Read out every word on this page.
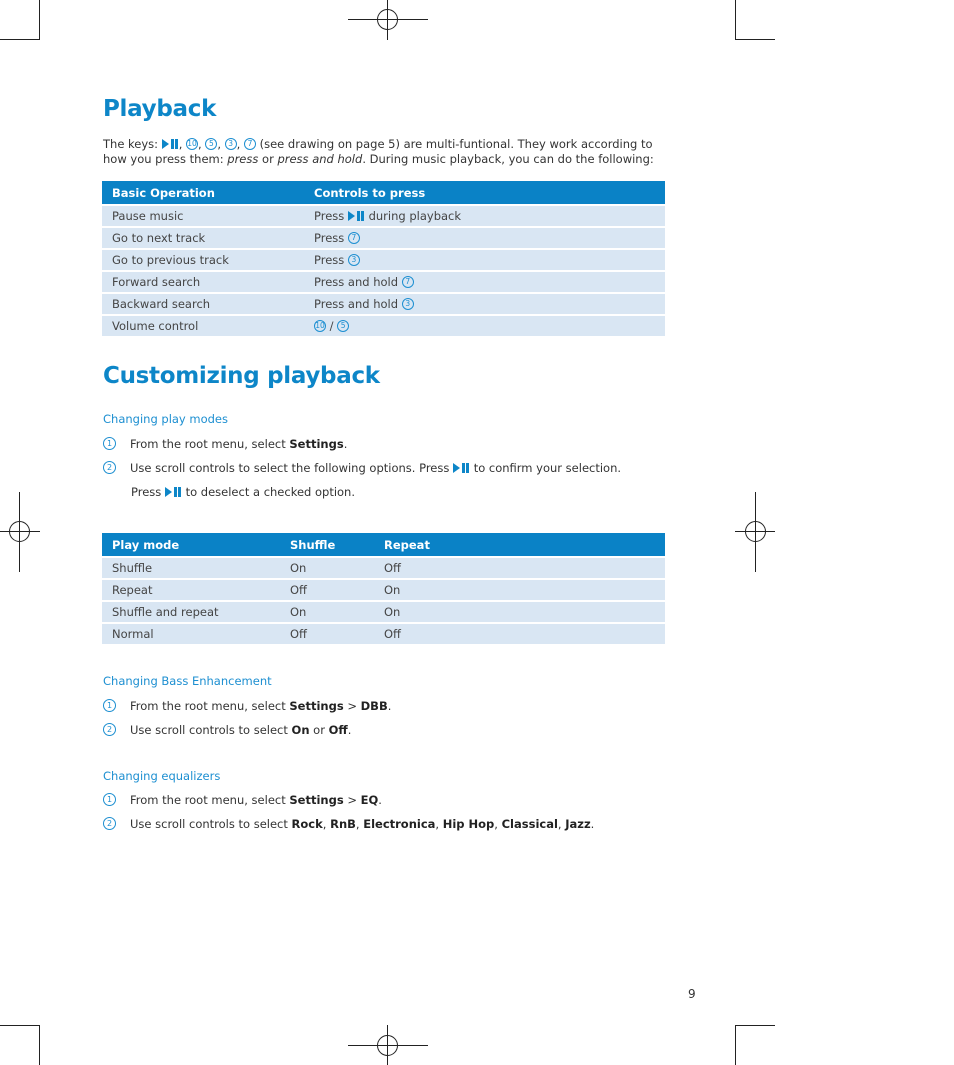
Playback
The keys: , 10, 5 , 3 , 7 (see drawing on page 5) are multi-funtional. They work according to
how you press them: press or press and hold. During music playback, you can do the following:
Basic Operation	Controls to press
Pause music	Press during playback
Go to next track	Press 7
Go to previous track	Press 3
Forward search	Press and hold 7
Backward search	Press and hold 3
Volume control	10 / 5
Customizing playback
Changing play modes
1 From the root menu, select Settings.
2 Use scroll controls to select the following options. Press to confirm your selection.
Press to deselect a checked option.
Play mode	Shuffle	Repeat
Shuffle	On	Off
Repeat	Off	On
Shuffle and repeat	On	On
Normal	Off	Off
Changing Bass Enhancement
1 From the root menu, select Settings > DBB.
2 Use scroll controls to select On or Off.
Changing equalizers
1 From the root menu, select Settings > EQ.
2 Use scroll controls to select Rock, RnB, Electronica, Hip Hop, Classical, Jazz.
9
